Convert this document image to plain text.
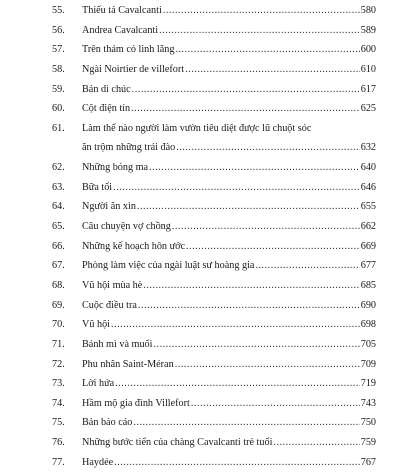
55.	Thiếu tá Cavalcanti .....	580
56.	Andrea Cavalcanti .....	589
57.	Trên thảm cỏ linh lăng .....	600
58.	Ngài Noirtier de villefort .....	610
59.	Bản di chúc .....	617
60.	Cột điện tín .....	625
61.	Làm thế nào người làm vườn tiêu diệt được lũ chuột sóc
ăn trộm những trái đào .....	632
62.	Những bóng ma .....	640
63.	Bữa tối .....	646
64.	Người ăn xin .....	655
65.	Câu chuyện vợ chồng .....	662
66.	Những kế hoạch hôn ước .....	669
67.	Phòng làm việc của ngài luật sư hoàng gia .....	677
68.	Vũ hội mùa hè .....	685
69.	Cuộc điều tra .....	690
70.	Vũ hội .....	698
71.	Bánh mì và muối .....	705
72.	Phu nhân Saint-Méran .....	709
73.	Lời hứa .....	719
74.	Hầm mộ gia đình Villefort .....	743
75.	Bản báo cáo .....	750
76.	Những bước tiến của chàng Cavalcanti trẻ tuổi .....	759
77.	Haydée .....	767
